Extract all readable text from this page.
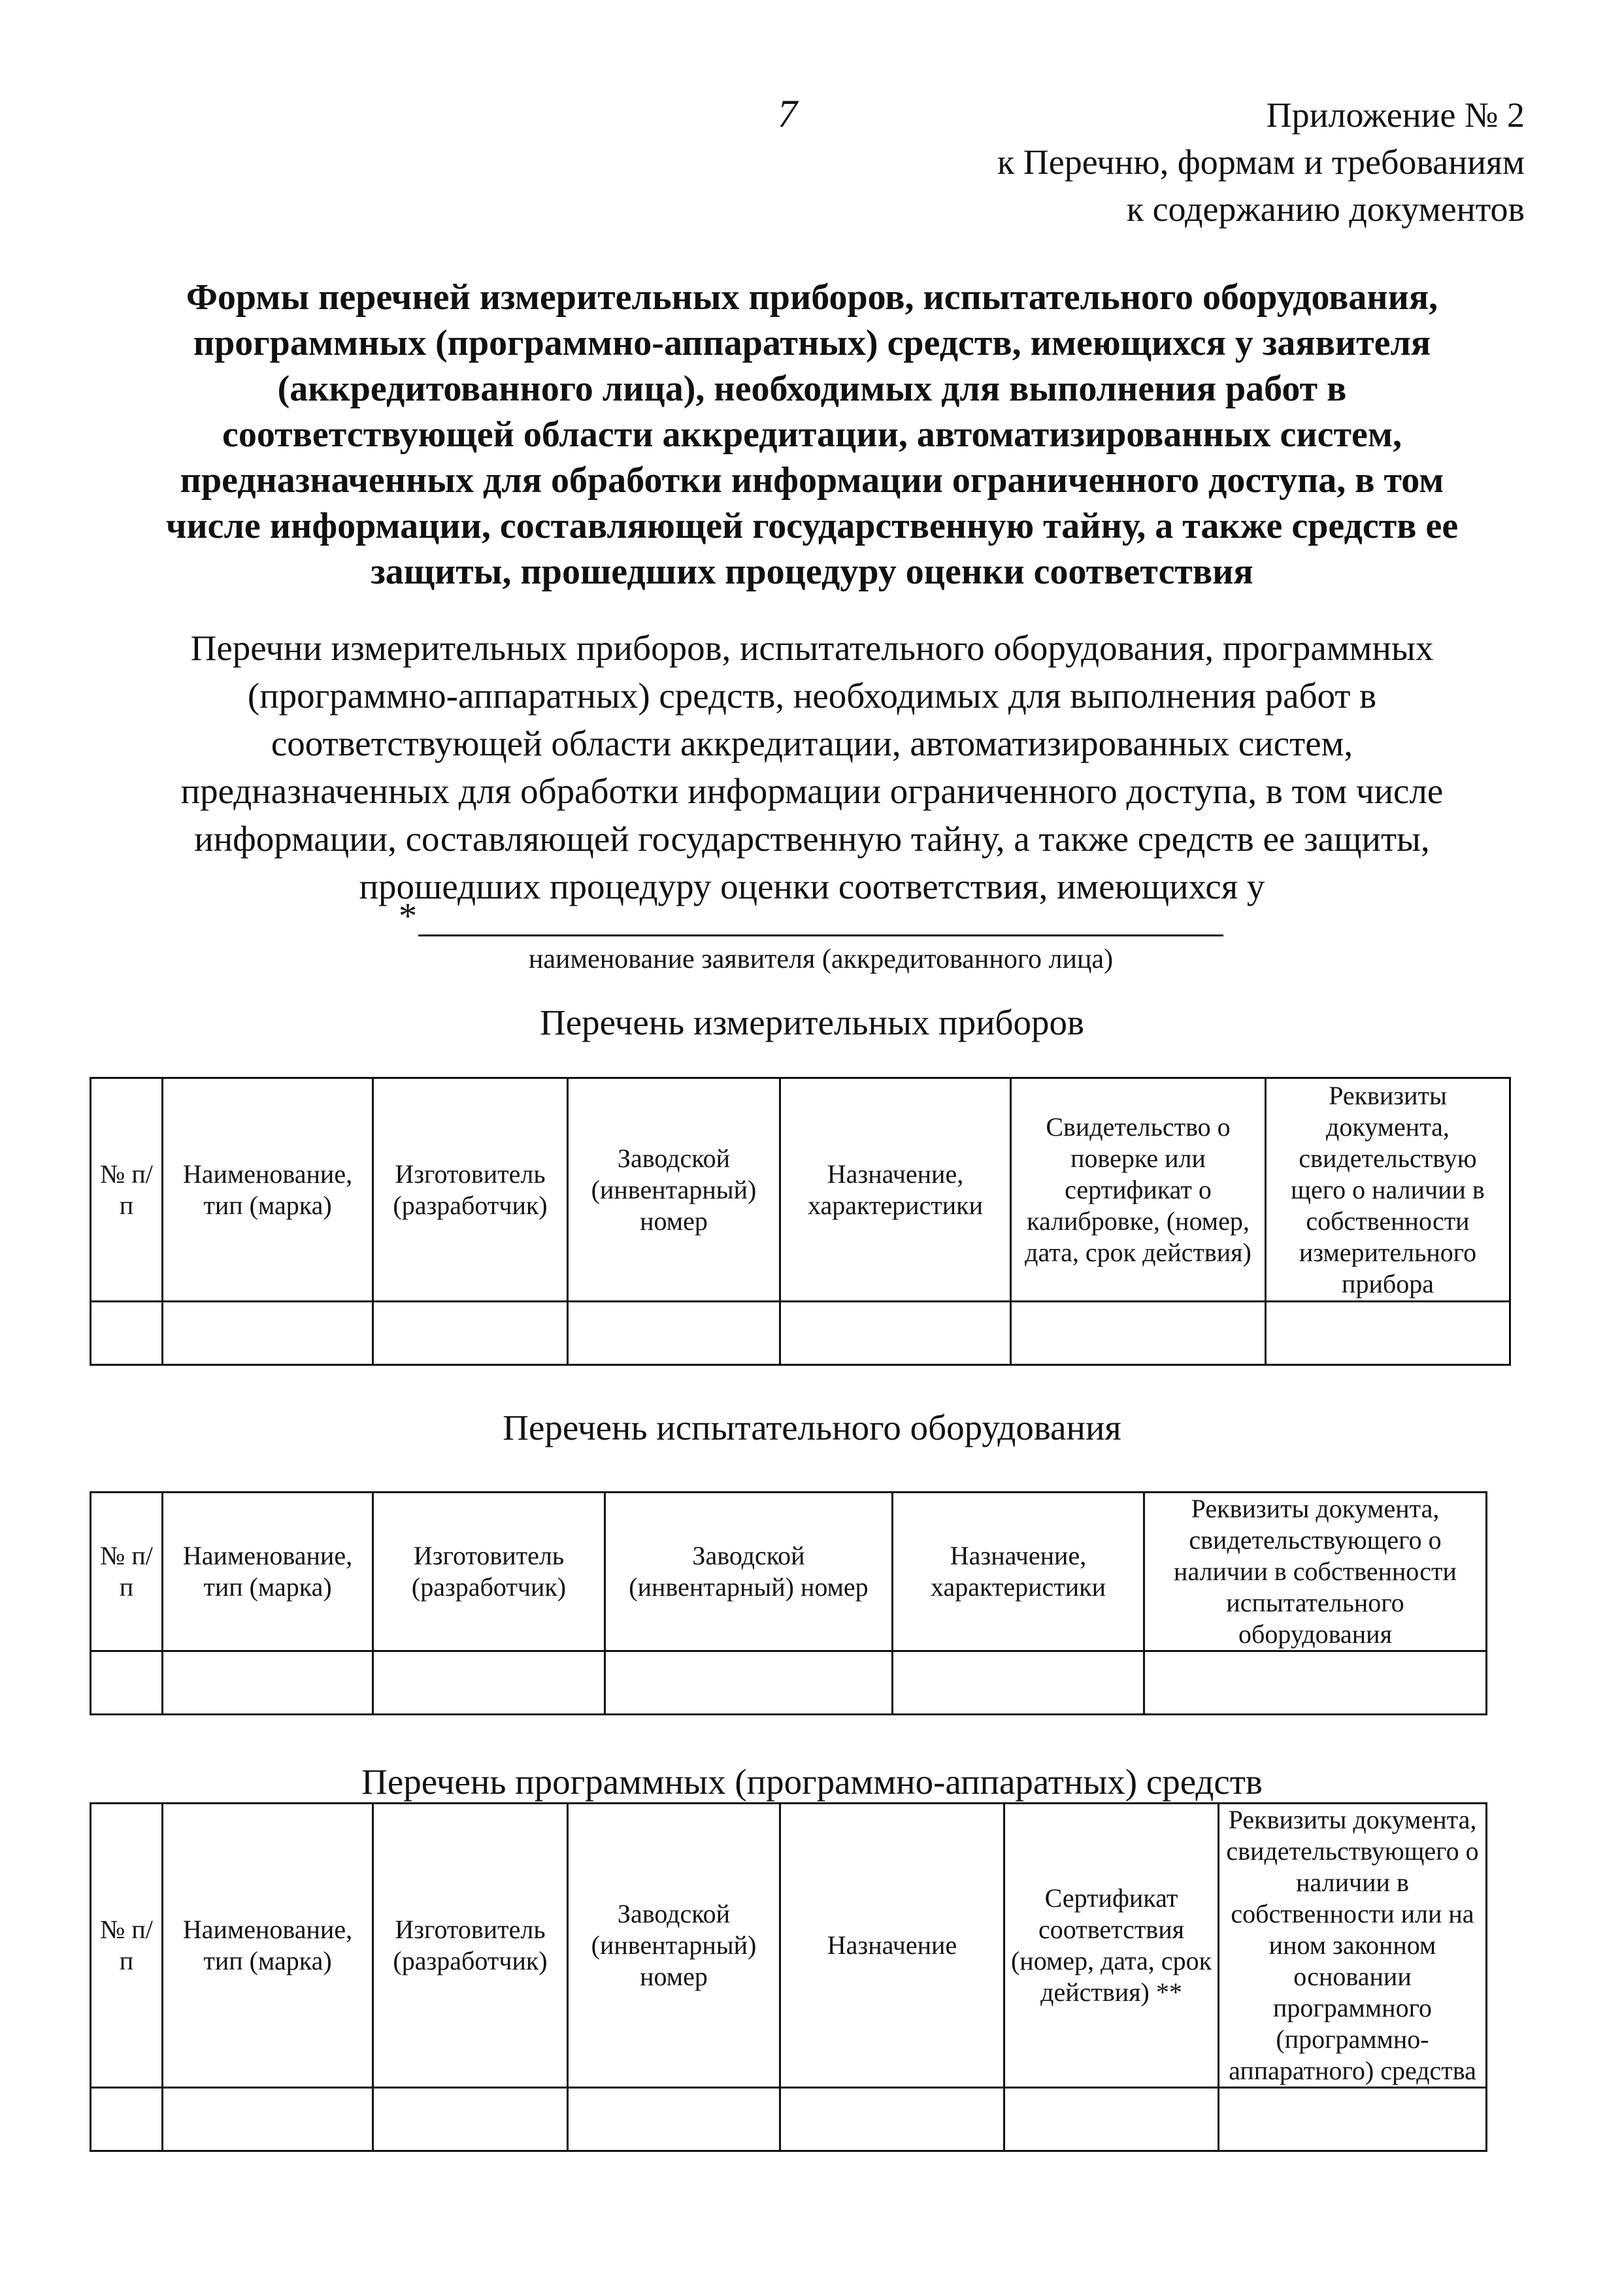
7	Приложение № 2
к Перечню, формам и требованиям
к содержанию документов
Формы перечней измерительных приборов, испытательного оборудования,
программных (программно-аппаратных) средств, имеющихся у заявителя
(аккредитованного лица), необходимых для выполнения работ в
соответствующей области аккредитации, автоматизированных систем,
предназначенных для обработки информации ограниченного доступа, в том
числе информации, составляющей государственную тайну, а также средств ее
защиты, прошедших процедуру оценки соответствия
Перечни измерительных приборов, испытательного оборудования, программных
(программно-аппаратных) средств, необходимых для выполнения работ в
соответствующей области аккредитации, автоматизированных систем,
предназначенных для обработки информации ограниченного доступа, в том числе
информации, составляющей государственную тайну, а также средств ее защиты,
прошедших процедуру оценки соответствия, имеющихся у
*
наименование заявителя (аккредитованного лица)
Перечень измерительных приборов
№ п/п	Наименование, тип (марка)	Изготовитель (разработчик)	Заводской (инвентарный) номер	Назначение, характеристики	Свидетельство о поверке или сертификат о калибровке, (номер, дата, срок действия)	Реквизиты документа, свидетельствую щего о наличии в собственности измерительного прибора

Перечень испытательного оборудования
№ п/п	Наименование, тип (марка)	Изготовитель (разработчик)	Заводской (инвентарный) номер	Назначение, характеристики	Реквизиты документа, свидетельствующего о наличии в собственности испытательного оборудования

Перечень программных (программно-аппаратных) средств
№ п/п	Наименование, тип (марка)	Изготовитель (разработчик)	Заводской (инвентарный) номер	Назначение	Сертификат соответствия (номер, дата, срок действия) **	Реквизиты документа, свидетельствующего о наличии в собственности или на ином законном основании программного (программно-аппаратного) средства
